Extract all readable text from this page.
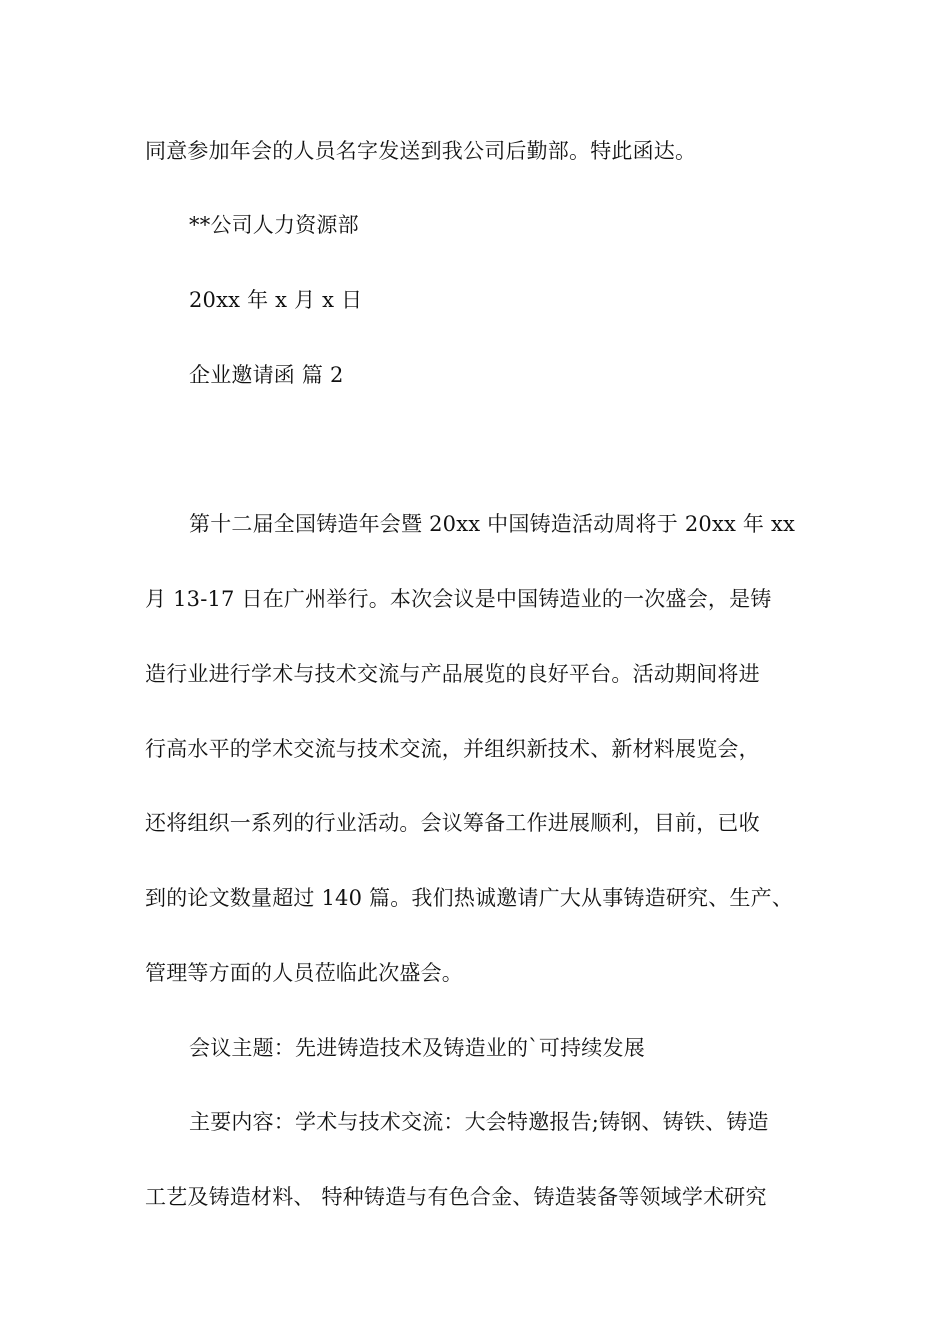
同意参加年会的人员名字发送到我公司后勤部。特此函达。
**公司人力资源部
20xx 年 x 月 x 日
企业邀请函 篇 2
第十二届全国铸造年会暨 20xx 中国铸造活动周将于 20xx 年 xx
月 13-17 日在广州举行。本次会议是中国铸造业的一次盛会，是铸
造行业进行学术与技术交流与产品展览的良好平台。活动期间将进
行高水平的学术交流与技术交流，并组织新技术、新材料展览会，
还将组织一系列的行业活动。会议筹备工作进展顺利，目前，已收
到的论文数量超过 140 篇。我们热诚邀请广大从事铸造研究、生产、
管理等方面的人员莅临此次盛会。
会议主题：先进铸造技术及铸造业的`可持续发展
主要内容：学术与技术交流：大会特邀报告;铸钢、铸铁、铸造
工艺及铸造材料、 特种铸造与有色合金、铸造装备等领域学术研究
